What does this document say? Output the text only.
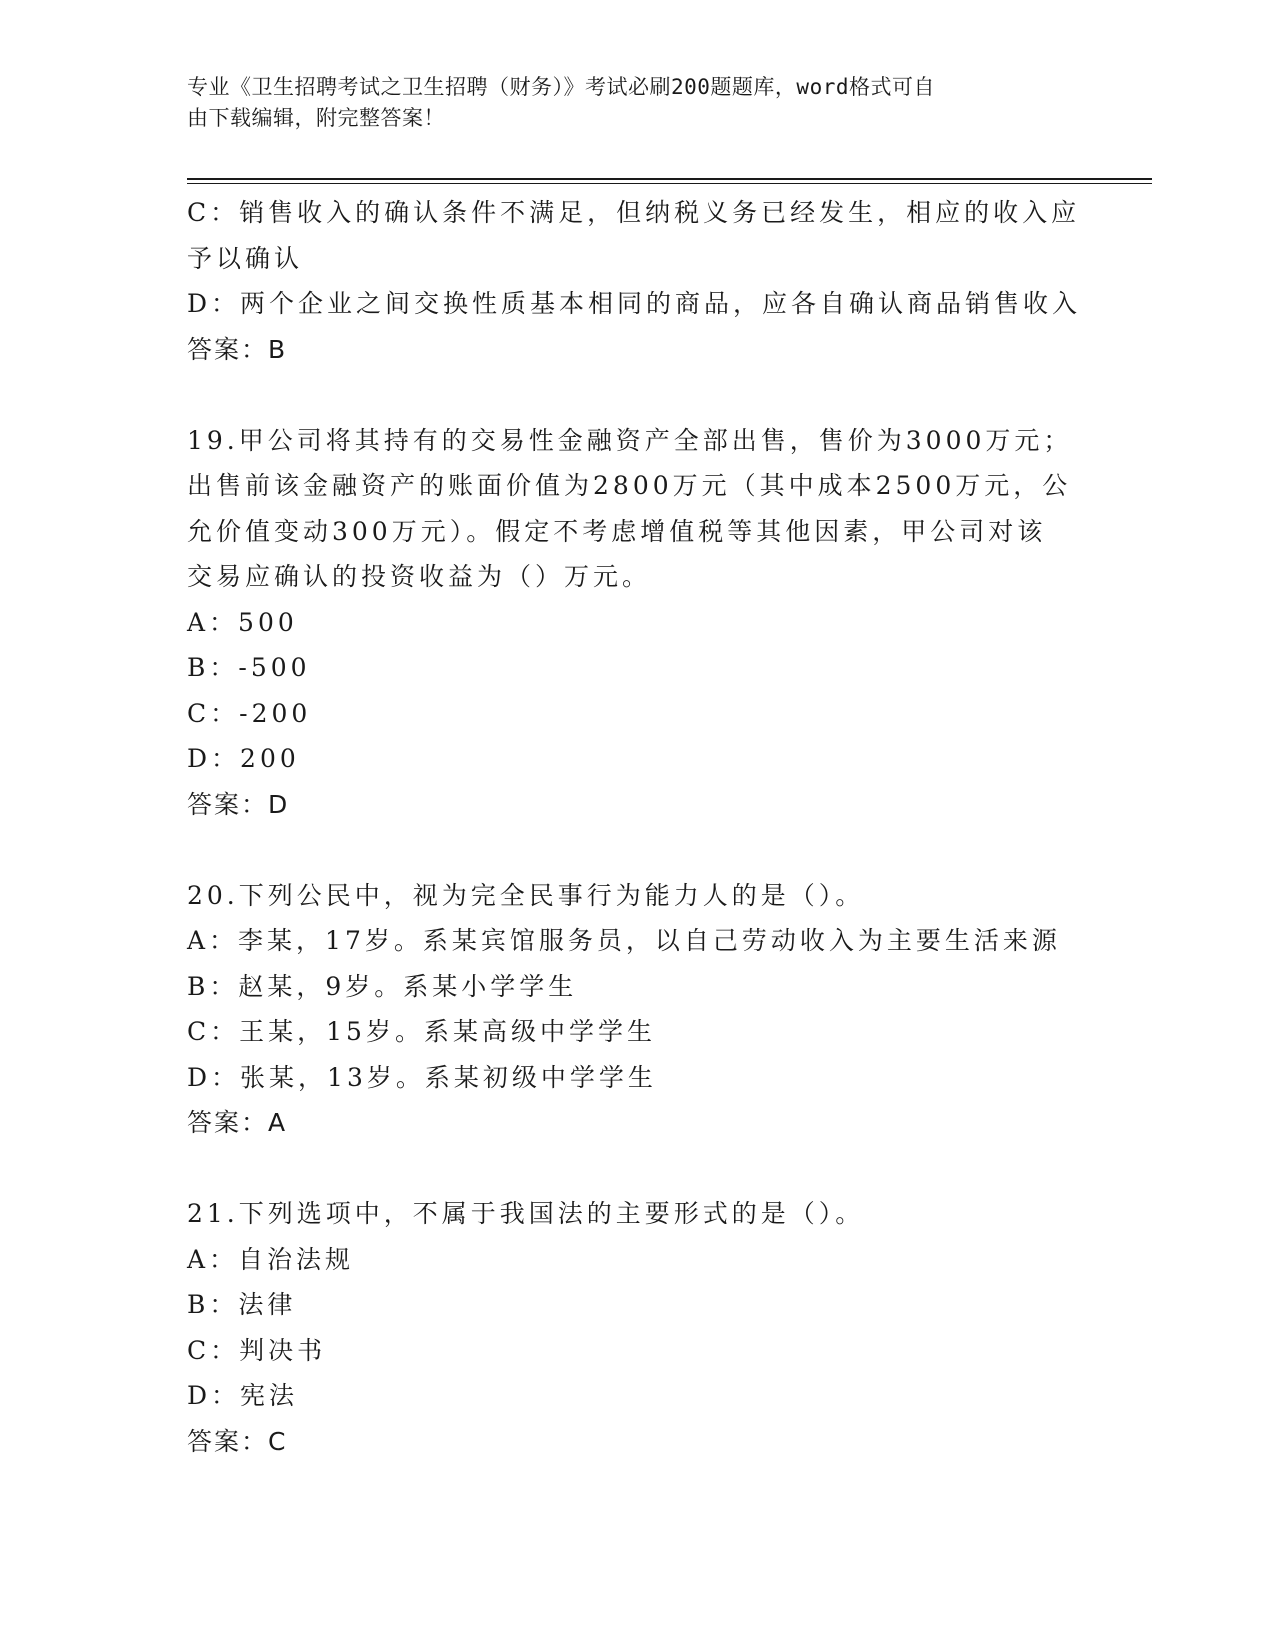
专业《卫生招聘考试之卫生招聘（财务）》考试必刷200题题库，word格式可自
由下载编辑，附完整答案！
C：销售收入的确认条件不满足，但纳税义务已经发生，相应的收入应
予以确认
D：两个企业之间交换性质基本相同的商品，应各自确认商品销售收入
答案：B
19.甲公司将其持有的交易性金融资产全部出售，售价为3000万元；
出售前该金融资产的账面价值为2800万元（其中成本2500万元，公
允价值变动300万元）。假定不考虑增值税等其他因素，甲公司对该
交易应确认的投资收益为（）万元。
A：500
B：-500
C：-200
D：200
答案：D
20.下列公民中，视为完全民事行为能力人的是（）。
A：李某，17岁。系某宾馆服务员，以自己劳动收入为主要生活来源
B：赵某，9岁。系某小学学生
C：王某，15岁。系某高级中学学生
D：张某，13岁。系某初级中学学生
答案：A
21.下列选项中，不属于我国法的主要形式的是（）。
A：自治法规
B：法律
C：判决书
D：宪法
答案：C
